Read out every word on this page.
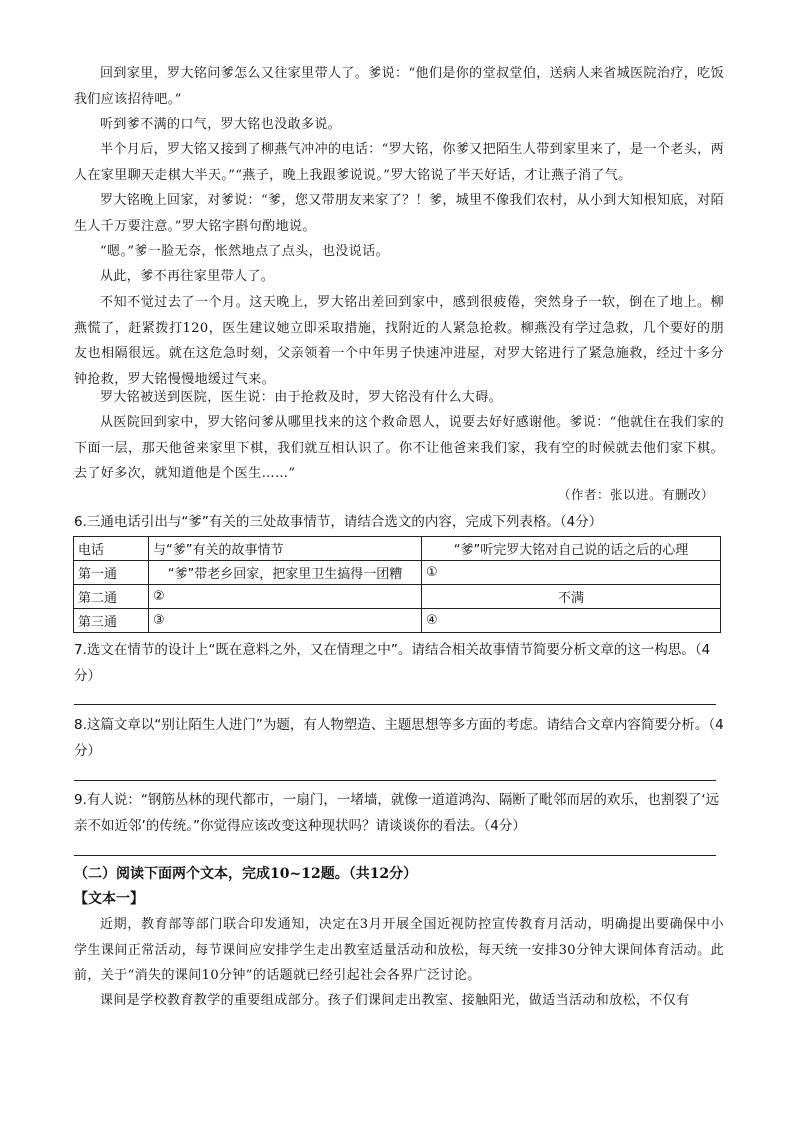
回到家里，罗大铭问爹怎么又往家里带人了。爹说：“他们是你的堂叔堂伯，送病人来省城医院治疗，吃饭我们应该招待吧。”

听到爹不满的口气，罗大铭也没敢多说。

半个月后，罗大铭又接到了柳燕气冲冲的电话：“罗大铭，你爹又把陌生人带到家里来了，是一个老头，两人在家里聊天走棋大半天。”“燕子，晚上我跟爹说说。”罗大铭说了半天好话，才让燕子消了气。

罗大铭晚上回家，对爹说：“爹，您又带朋友来家了？！爹，城里不像我们农村，从小到大知根知底，对陌生人千万要注意。”罗大铭字斟句酌地说。

“嗯。”爹一脸无奈，怅然地点了点头，也没说话。

从此，爹不再往家里带人了。

不知不觉过去了一个月。这天晚上，罗大铭出差回到家中，感到很疲倦，突然身子一软，倒在了地上。柳燕慌了，赶紧拨打120，医生建议她立即采取措施，找附近的人紧急抢救。柳燕没有学过急救，几个要好的朋友也相隔很远。就在这危急时刻，父亲领着一个中年男子快速冲进屋，对罗大铭进行了紧急施救，经过十多分钟抢救，罗大铭慢慢地缓过气来。

罗大铭被送到医院，医生说：由于抢救及时，罗大铭没有什么大碍。

从医院回到家中，罗大铭问爹从哪里找来的这个救命恩人，说要去好好感谢他。爹说：“他就住在我们家的下面一层，那天他爸来家里下棋，我们就互相认识了。你不让他爸来我们家，我有空的时候就去他们家下棋。去了好多次，就知道他是个医生……”

（作者：张以进。有删改）

6.三通电话引出与“爹”有关的三处故事情节，请结合选文的内容，完成下列表格。（4分）

电话	与“爹”有关的故事情节	“爹”听完罗大铭对自己说的话之后的心理
第一通	“爹”带老乡回家，把家里卫生搞得一团糟	①
第二通	②	不满
第三通	③	④

7.选文在情节的设计上“既在意料之外，又在情理之中”。请结合相关故事情节简要分析文章的这一构思。（4分）

8.这篇文章以“别让陌生人进门”为题，有人物塑造、主题思想等多方面的考虑。请结合文章内容简要分析。（4分）

9.有人说：“钢筋丛林的现代都市，一扇门，一堵墙，就像一道道鸿沟、隔断了毗邻而居的欢乐，也割裂了‘远亲不如近邻’的传统。”你觉得应该改变这种现状吗？请谈谈你的看法。（4分）

（二）阅读下面两个文本，完成10~12题。（共12分）
【文本一】

近期，教育部等部门联合印发通知，决定在3月开展全国近视防控宣传教育月活动，明确提出要确保中小学生课间正常活动，每节课间应安排学生走出教室适量活动和放松，每天统一安排30分钟大课间体育活动。此前，关于“消失的课间10分钟”的话题就已经引起社会各界广泛讨论。

课间是学校教育教学的重要组成部分。孩子们课间走出教室、接触阳光，做适当活动和放松，不仅有
